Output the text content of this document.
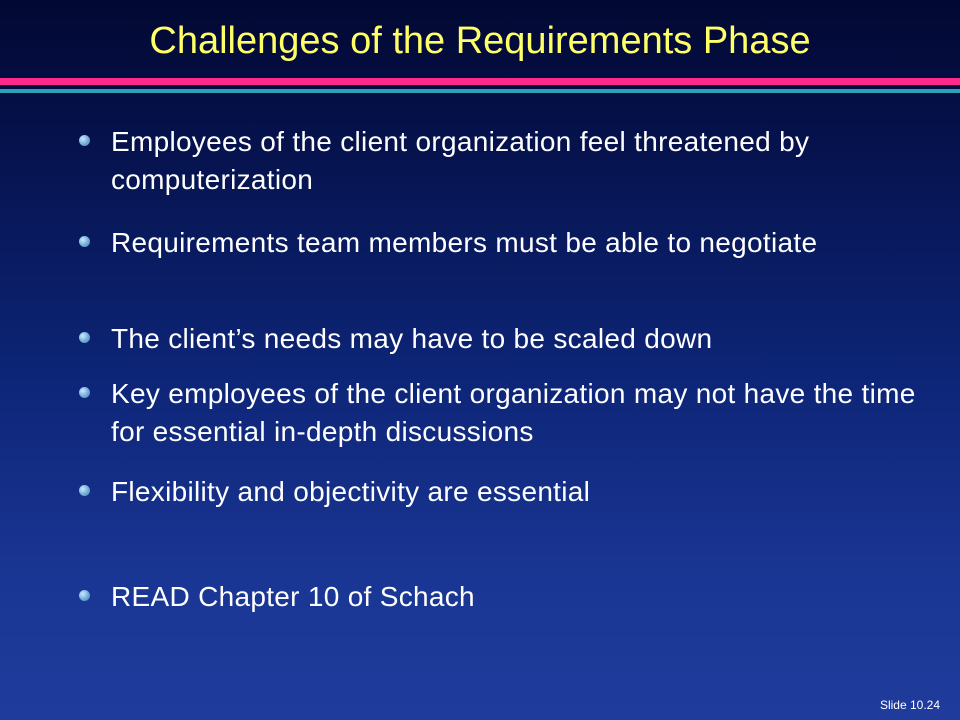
Challenges of the Requirements Phase
Employees of the client organization feel threatened by computerization
Requirements team members must be able to negotiate
The client’s needs may have to be scaled down
Key employees of the client organization may not have the time for essential in-depth discussions
Flexibility and objectivity are essential
READ Chapter 10 of Schach
Slide 10.24
